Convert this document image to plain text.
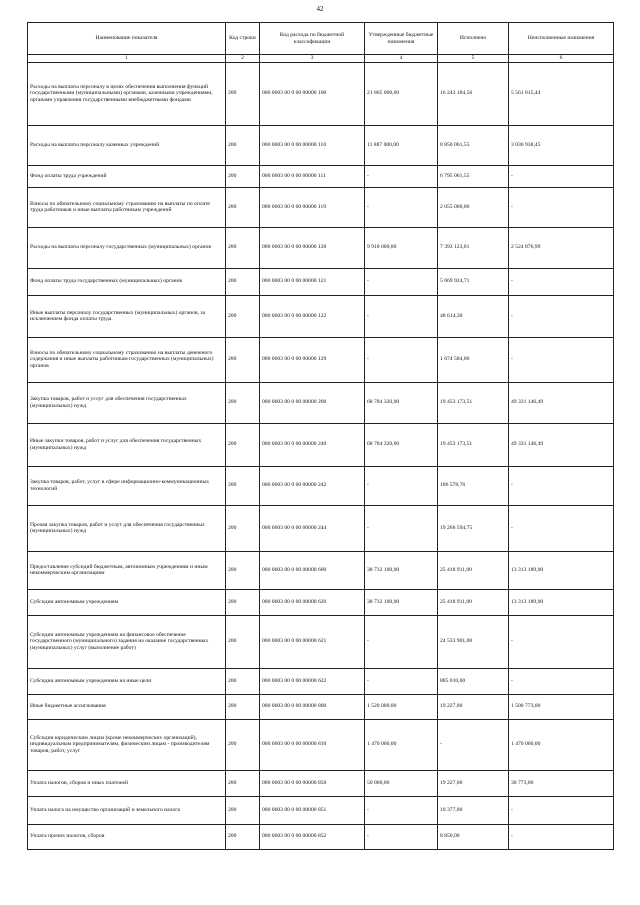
42
Наименование показателя	Код строки	Код расхода по бюджетной классификации	Утвержденные бюджетные назначения	Исполнено	Неисполненные назначения
1	2	3	4	5	6
Расходы на выплаты персоналу в целях обеспечения выполнения функций государственными (муниципальными) органами, казенными учреждениями, органами управления государственными внебюджетными фондами	200	000 0603 00 0 00 00000 100	21 805 000,00	16 243 184,56	5 561 815,44
Расходы на выплаты персоналу казенных учреждений	200	000 0603 00 0 00 00000 110	11 887 000,00	8 850 061,55	3 036 938,45
Фонд оплаты труда учреждений	200	000 0603 00 0 00 00000 111	-	6 795 061,55	-
Взносы по обязательному социальному страхованию на выплаты по оплате труда работников и иные выплаты работникам учреждений	200	000 0603 00 0 00 00000 119	-	2 055 000,00	-
Расходы на выплаты персоналу государственных (муниципальных) органов	200	000 0603 00 0 00 00000 120	9 918 000,00	7 393 123,01	2 524 876,99
Фонд оплаты труда государственных (муниципальных) органов	200	000 0603 00 0 00 00000 121	-	5 669 924,71	-
Иные выплаты персоналу государственных (муниципальных) органов, за исключением фонда оплаты труда	200	000 0603 00 0 00 00000 122	-	48 614,30	-
Взносы по обязательному социальному страхованию на выплаты денежного содержания и иные выплаты работникам государственных (муниципальных) органов	200	000 0603 00 0 00 00000 129	-	1 674 584,00	-
Закупка товаров, работ и услуг для обеспечения государственных (муниципальных) нужд	200	000 0603 00 0 00 00000 200	68 784 320,00	19 453 173,51	49 331 146,49
Иные закупки товаров, работ и услуг для обеспечения государственных (муниципальных) нужд	200	000 0603 00 0 00 00000 240	68 784 320,00	19 453 173,51	49 331 146,49
Закупка товаров, работ, услуг в сфере информационно-коммуникационных технологий	200	000 0603 00 0 00 00000 242	-	186 578,76	-
Прочая закупка товаров, работ и услуг для обеспечения государственных (муниципальных) нужд	200	000 0603 00 0 00 00000 244	-	19 266 594,75	-
Предоставление субсидий бюджетным, автономным учреждениям и иным некоммерческим организациям	200	000 0603 00 0 00 00000 600	38 732 100,00	25 418 911,00	13 313 189,00
Субсидии автономным учреждениям	200	000 0603 00 0 00 00000 620	38 732 100,00	25 418 911,00	13 313 189,00
Субсидии автономным учреждениям на финансовое обеспечение государственного (муниципального) задания на оказание государственных (муниципальных) услуг (выполнение работ)	200	000 0603 00 0 00 00000 621	-	24 533 901,00	-
Субсидии автономным учреждениям на иные цели	200	000 0603 00 0 00 00000 622	-	885 010,00	-
Иные бюджетные ассигнования	200	000 0603 00 0 00 00000 800	1 520 000,00	19 227,00	1 500 773,00
Субсидии юридическим лицам (кроме некоммерческих организаций), индивидуальным предпринимателям, физическим лицам - производителям товаров, работ, услуг	200	000 0603 00 0 00 00000 810	1 470 000,00	-	1 470 000,00
Уплата налогов, сборов и иных платежей	200	000 0603 00 0 00 00000 850	50 000,00	19 227,00	30 773,00
Уплата налога на имущество организаций и земельного налога	200	000 0603 00 0 00 00000 851	-	10 377,00	-
Уплата прочих налогов, сборов	200	000 0603 00 0 00 00000 852	-	8 850,00	-
